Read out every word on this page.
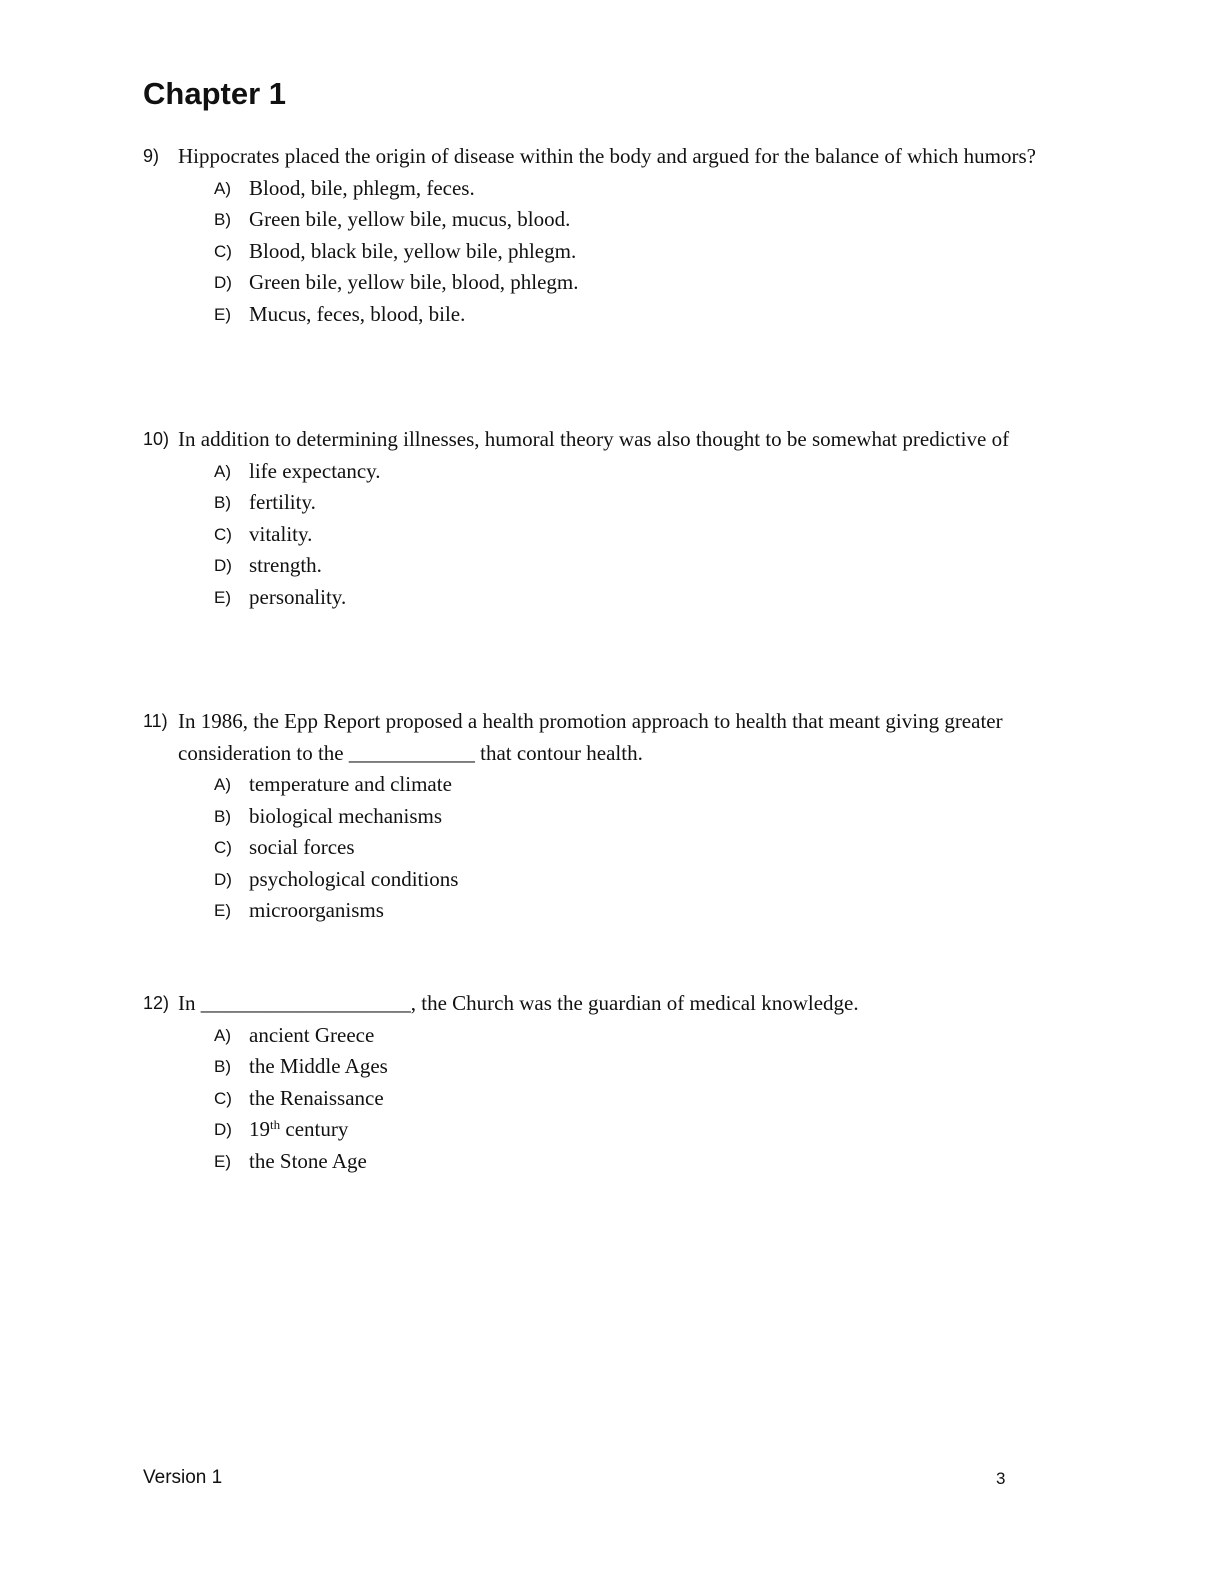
Chapter 1
9) Hippocrates placed the origin of disease within the body and argued for the balance of which humors?
A) Blood, bile, phlegm, feces.
B) Green bile, yellow bile, mucus, blood.
C) Blood, black bile, yellow bile, phlegm.
D) Green bile, yellow bile, blood, phlegm.
E) Mucus, feces, blood, bile.
10) In addition to determining illnesses, humoral theory was also thought to be somewhat predictive of
A) life expectancy.
B) fertility.
C) vitality.
D) strength.
E) personality.
11) In 1986, the Epp Report proposed a health promotion approach to health that meant giving greater consideration to the ____________ that contour health.
A) temperature and climate
B) biological mechanisms
C) social forces
D) psychological conditions
E) microorganisms
12) In ____________________, the Church was the guardian of medical knowledge.
A) ancient Greece
B) the Middle Ages
C) the Renaissance
D) 19th century
E) the Stone Age
Version 1	3
